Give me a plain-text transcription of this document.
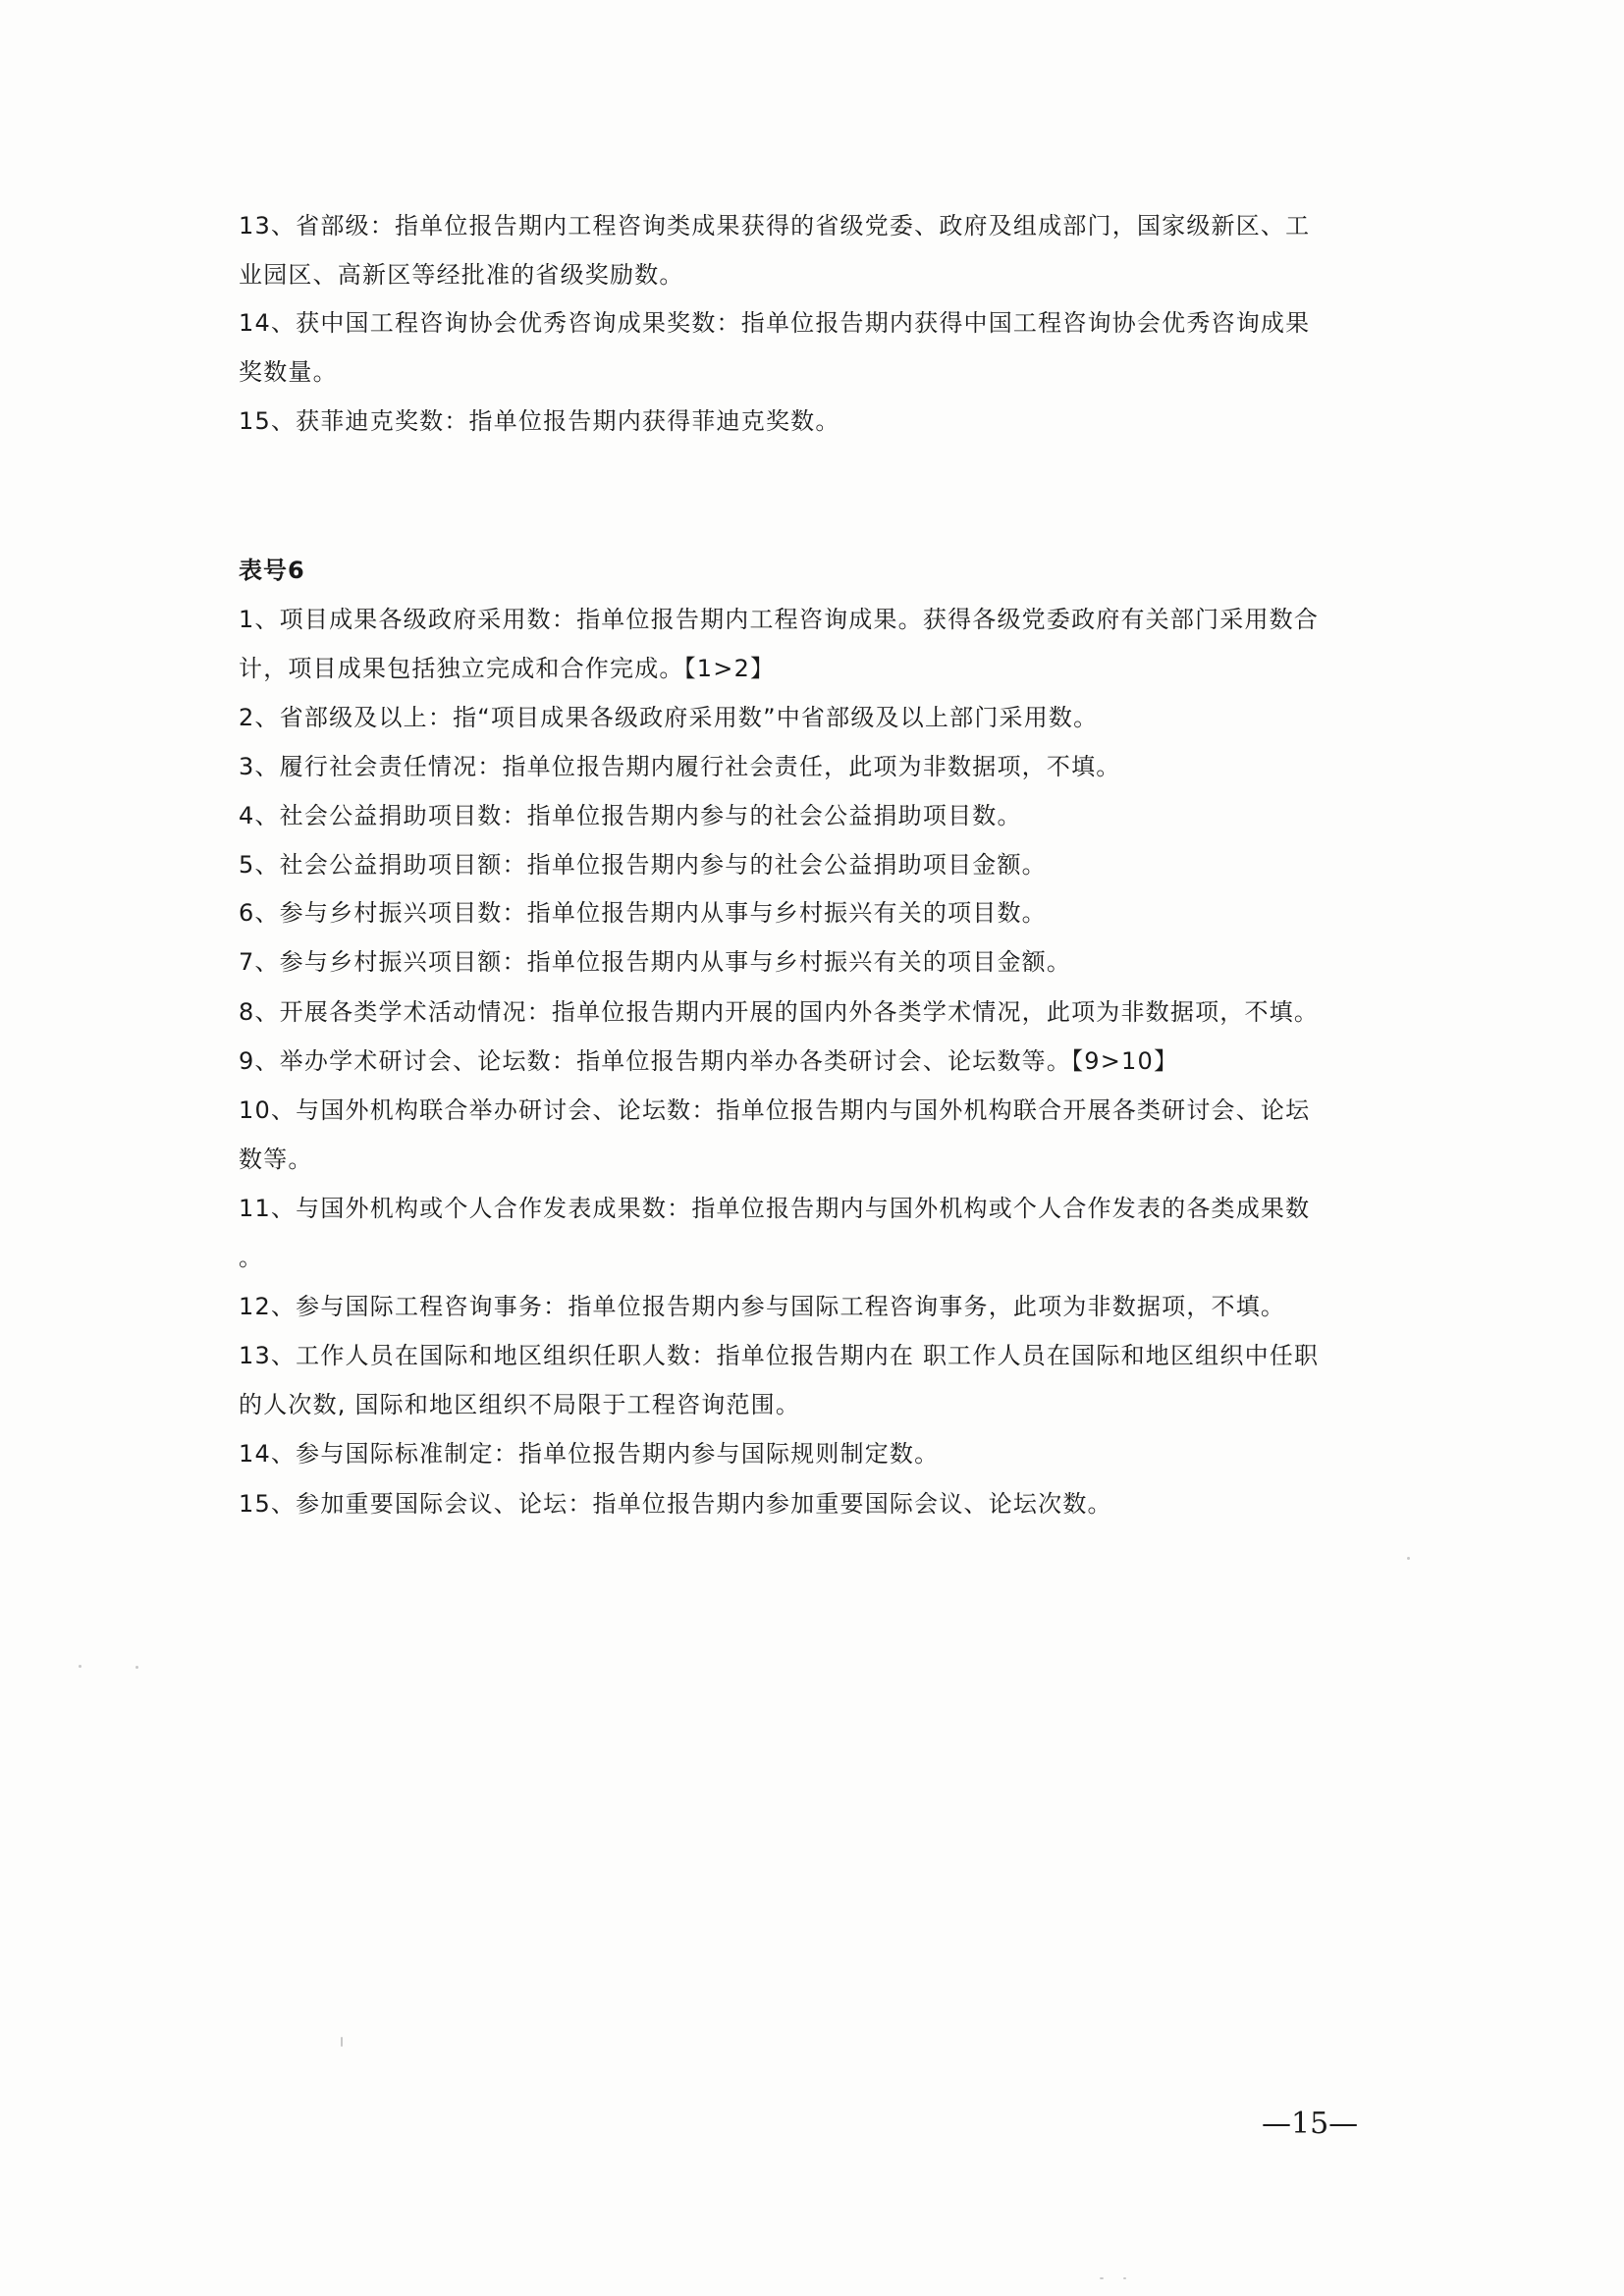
13、省部级：指单位报告期内工程咨询类成果获得的省级党委、政府及组成部门，国家级新区、工
业园区、高新区等经批准的省级奖励数。
14、获中国工程咨询协会优秀咨询成果奖数：指单位报告期内获得中国工程咨询协会优秀咨询成果
奖数量。
15、获菲迪克奖数：指单位报告期内获得菲迪克奖数。
表号6
1、项目成果各级政府采用数：指单位报告期内工程咨询成果。获得各级党委政府有关部门采用数合
计，项目成果包括独立完成和合作完成。【1>2】
2、省部级及以上：指“项目成果各级政府采用数”中省部级及以上部门采用数。
3、履行社会责任情况：指单位报告期内履行社会责任，此项为非数据项，不填。
4、社会公益捐助项目数：指单位报告期内参与的社会公益捐助项目数。
5、社会公益捐助项目额：指单位报告期内参与的社会公益捐助项目金额。
6、参与乡村振兴项目数：指单位报告期内从事与乡村振兴有关的项目数。
7、参与乡村振兴项目额：指单位报告期内从事与乡村振兴有关的项目金额。
8、开展各类学术活动情况：指单位报告期内开展的国内外各类学术情况，此项为非数据项，不填。
9、举办学术研讨会、论坛数：指单位报告期内举办各类研讨会、论坛数等。【9>10】
10、与国外机构联合举办研讨会、论坛数：指单位报告期内与国外机构联合开展各类研讨会、论坛
数等。
11、与国外机构或个人合作发表成果数：指单位报告期内与国外机构或个人合作发表的各类成果数
。
12、参与国际工程咨询事务：指单位报告期内参与国际工程咨询事务，此项为非数据项，不填。
13、工作人员在国际和地区组织任职人数：指单位报告期内在 职工作人员在国际和地区组织中任职
的人次数, 国际和地区组织不局限于工程咨询范围。
14、参与国际标准制定：指单位报告期内参与国际规则制定数。
15、参加重要国际会议、论坛：指单位报告期内参加重要国际会议、论坛次数。
—15—
